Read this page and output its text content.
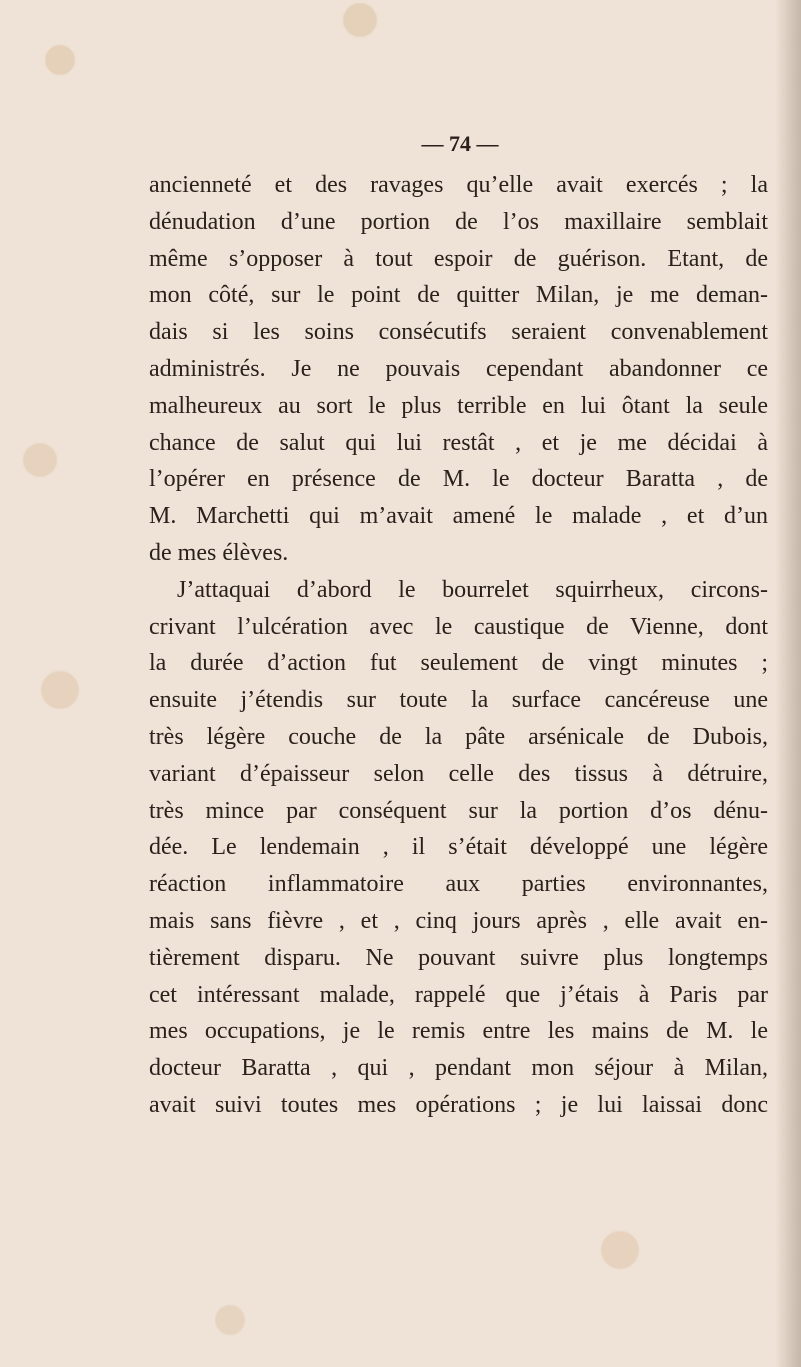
— 74 —
ancienneté et des ravages qu’elle avait exercés ; la
dénudation d’une portion de l’os maxillaire semblait
même s’opposer à tout espoir de guérison. Etant, de
mon côté, sur le point de quitter Milan, je me deman-
dais si les soins consécutifs seraient convenablement
administrés. Je ne pouvais cependant abandonner ce
malheureux au sort le plus terrible en lui ôtant la seule
chance de salut qui lui restât , et je me décidai à
l’opérer en présence de M. le docteur Baratta , de
M. Marchetti qui m’avait amené le malade , et d’un
de mes élèves.
J’attaquai d’abord le bourrelet squirrheux, circons-
crivant l’ulcération avec le caustique de Vienne, dont
la durée d’action fut seulement de vingt minutes ;
ensuite j’étendis sur toute la surface cancéreuse une
très légère couche de la pâte arsénicale de Dubois,
variant d’épaisseur selon celle des tissus à détruire,
très mince par conséquent sur la portion d’os dénu-
dée. Le lendemain , il s’était développé une légère
réaction inflammatoire aux parties environnantes,
mais sans fièvre , et , cinq jours après , elle avait en-
tièrement disparu. Ne pouvant suivre plus longtemps
cet intéressant malade, rappelé que j’étais à Paris par
mes occupations, je le remis entre les mains de M. le
docteur Baratta , qui , pendant mon séjour à Milan,
avait suivi toutes mes opérations ; je lui laissai donc
